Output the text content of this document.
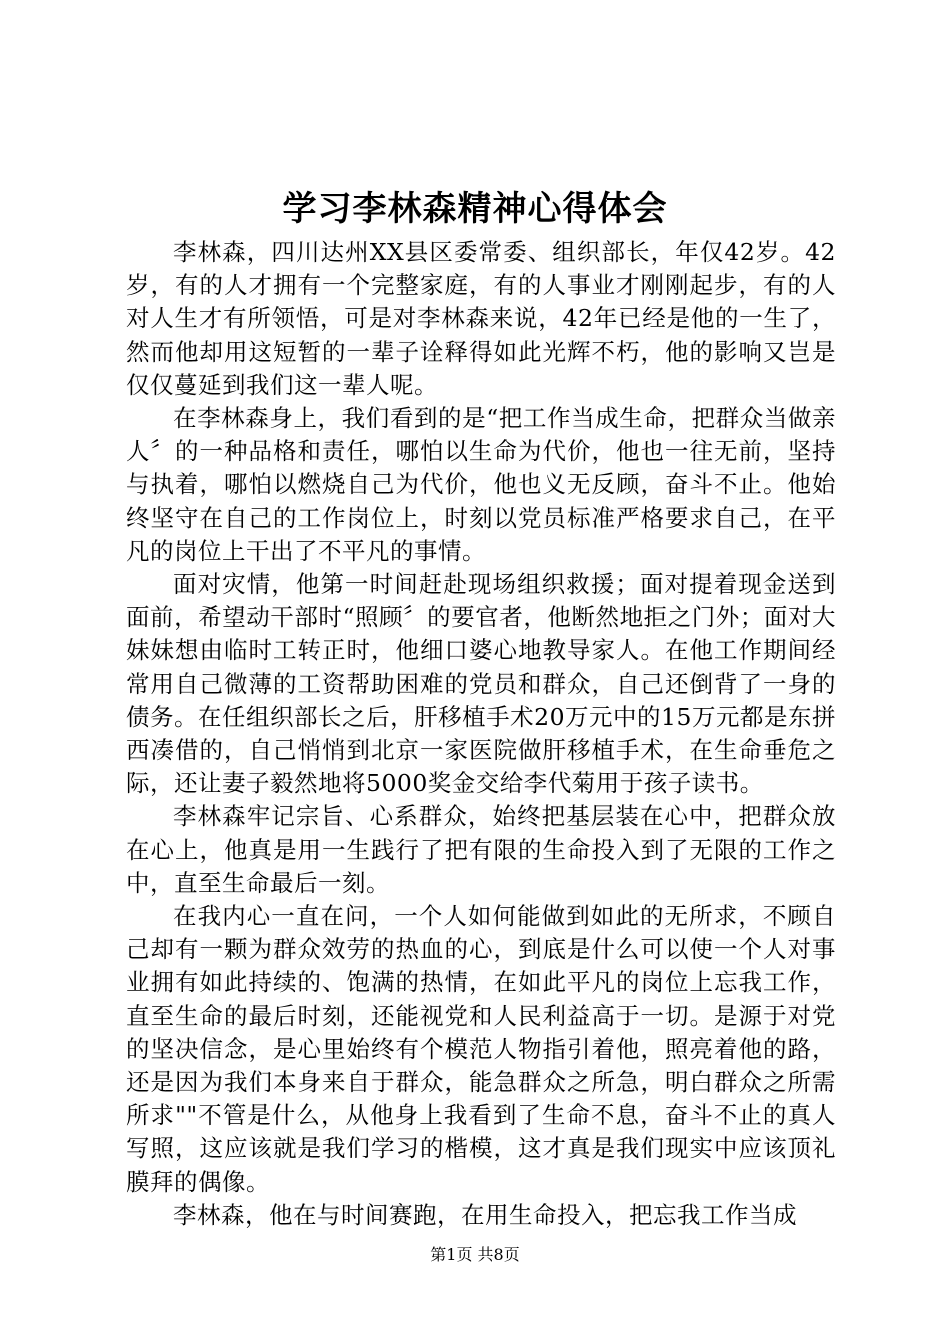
学习李林森精神心得体会

李林森，四川达州XX县区委常委、组织部长，年仅42岁。42岁，有的人才拥有一个完整家庭，有的人事业才刚刚起步，有的人对人生才有所领悟，可是对李林森来说，42年已经是他的一生了，然而他却用这短暂的一辈子诠释得如此光辉不朽，他的影响又岂是仅仅蔓延到我们这一辈人呢。

在李林森身上，我们看到的是“把工作当成生命，把群众当做亲人〞的一种品格和责任，哪怕以生命为代价，他也一往无前，坚持与执着，哪怕以燃烧自己为代价，他也义无反顾，奋斗不止。他始终坚守在自己的工作岗位上，时刻以党员标准严格要求自己，在平凡的岗位上干出了不平凡的事情。

面对灾情，他第一时间赶赴现场组织救援；面对提着现金送到面前，希望动干部时“照顾〞的要官者，他断然地拒之门外；面对大妹妹想由临时工转正时，他细口婆心地教导家人。在他工作期间经常用自己微薄的工资帮助困难的党员和群众，自己还倒背了一身的债务。在任组织部长之后，肝移植手术20万元中的15万元都是东拼西凑借的，自己悄悄到北京一家医院做肝移植手术，在生命垂危之际，还让妻子毅然地将5000奖金交给李代菊用于孩子读书。

李林森牢记宗旨、心系群众，始终把基层装在心中，把群众放在心上，他真是用一生践行了把有限的生命投入到了无限的工作之中，直至生命最后一刻。

在我内心一直在问，一个人如何能做到如此的无所求，不顾自己却有一颗为群众效劳的热血的心，到底是什么可以使一个人对事业拥有如此持续的、饱满的热情，在如此平凡的岗位上忘我工作，直至生命的最后时刻，还能视党和人民利益高于一切。是源于对党的坚决信念，是心里始终有个模范人物指引着他，照亮着他的路，还是因为我们本身来自于群众，能急群众之所急，明白群众之所需所求""不管是什么，从他身上我看到了生命不息，奋斗不止的真人写照，这应该就是我们学习的楷模，这才真是我们现实中应该顶礼膜拜的偶像。

李林森，他在与时间赛跑，在用生命投入，把忘我工作当成

第1页 共8页
